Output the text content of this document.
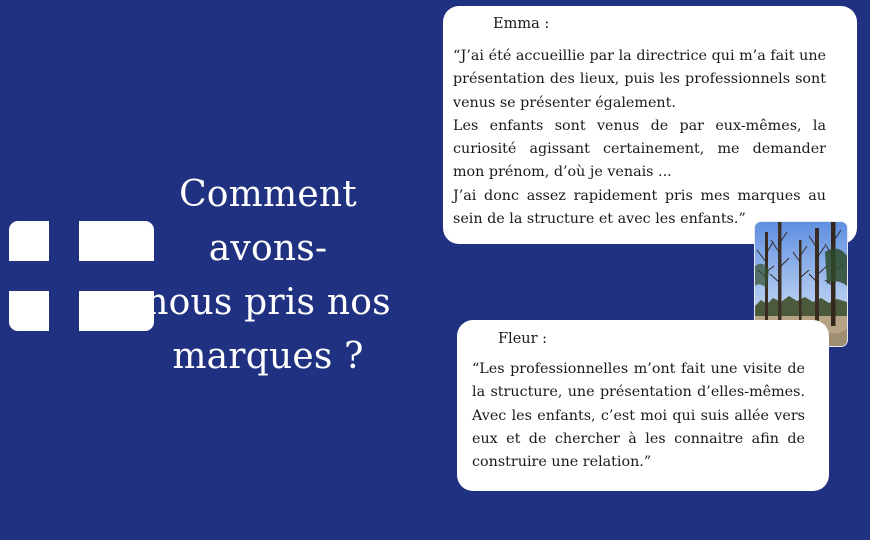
Comment avons-
nous pris nos
marques ?
Emma :

“J’ai été accueillie par la directrice qui m’a fait une présentation des lieux, puis les professionnels sont venus se présenter également.

Les enfants sont venus de par eux-mêmes, la curiosité agissant certainement, me demander mon prénom, d’où je venais ...

J’ai donc assez rapidement pris mes marques au sein de la structure et avec les enfants.”

Fleur :

“Les professionnelles m’ont fait une visite de la structure, une présentation d’elles-mêmes. Avec les enfants, c’est moi qui suis allée vers eux et de chercher à les connaitre afin de construire une relation.”
